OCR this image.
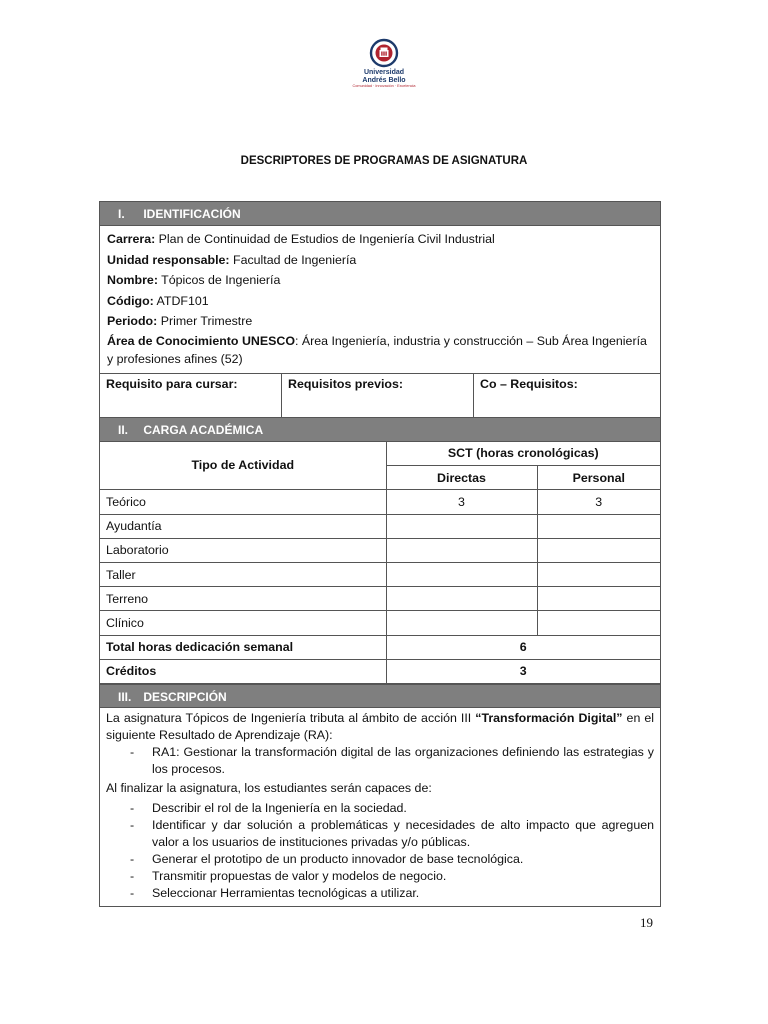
Universidad
Andrés Bello
Comunidad · Innovación · Excelencia
DESCRIPTORES DE PROGRAMAS DE ASIGNATURA
I. IDENTIFICACIÓN

Carrera: Plan de Continuidad de Estudios de Ingeniería Civil Industrial

Unidad responsable: Facultad de Ingeniería

Nombre: Tópicos de Ingeniería

Código: ATDF101

Periodo: Primer Trimestre

Área de Conocimiento UNESCO: Área Ingeniería, industria y construcción – Sub Área Ingeniería y profesiones afines (52)

Requisito para cursar:	Requisitos previos:	Co – Requisitos:
II. CARGA ACADÉMICA
Tipo de Actividad	SCT (horas cronológicas)	
	Directas	Personal
Teórico	3	3
Ayudantía		
Laboratorio		
Taller		
Terreno		
Clínico		
Total horas dedicación semanal	6	
Créditos	3	
III. DESCRIPCIÓN

La asignatura Tópicos de Ingeniería tributa al ámbito de acción III “Transformación Digital” en el siguiente Resultado de Aprendizaje (RA):

- RA1: Gestionar la transformación digital de las organizaciones definiendo las estrategias y los procesos.

Al finalizar la asignatura, los estudiantes serán capaces de:

- Describir el rol de la Ingeniería en la sociedad.
- Identificar y dar solución a problemáticas y necesidades de alto impacto que agreguen valor a los usuarios de instituciones privadas y/o públicas.
- Generar el prototipo de un producto innovador de base tecnológica.
- Transmitir propuestas de valor y modelos de negocio.
- Seleccionar Herramientas tecnológicas a utilizar.
19
